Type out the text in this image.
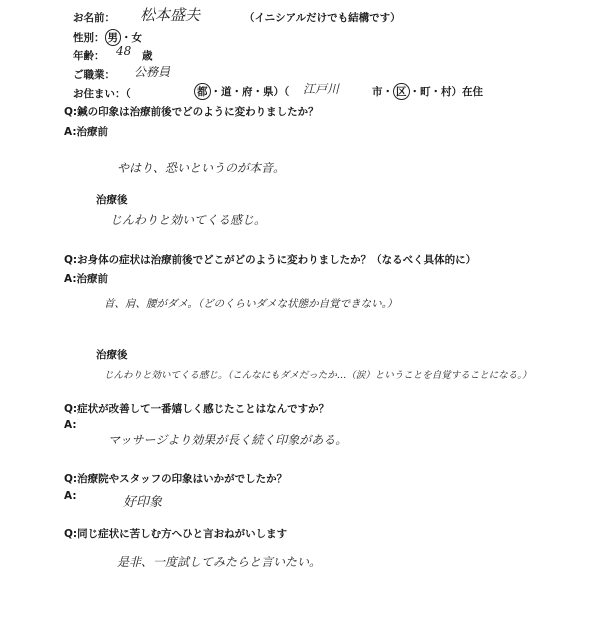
お名前： 松本盛夫	（イニシアルだけでも結構です）
性別： 男 ・女
年齢： 48 歳
ご職業： 公務員
お住まい：（	都 ・道・府・県）（ 江戸川	市・ 区 ・町・村）在住
Q:鍼の印象は治療前後でどのように変わりましたか？
A:治療前
やはり、恐いというのが本音。
治療後
じんわりと効いてくる感じ。
Q:お身体の症状は治療前後でどこがどのように変わりましたか？（なるべく具体的に）
A:治療前
首、肩、腰がダメ。（どのくらいダメな状態か自覚できない。）
治療後
じんわりと効いてくる感じ。（こんなにもダメだったか…（涙）ということを自覚することになる。）
Q:症状が改善して一番嬉しく感じたことはなんですか？
A:
マッサージより効果が長く続く印象がある。
Q:治療院やスタッフの印象はいかがでしたか？
A:	好印象
Q:同じ症状に苦しむ方へひと言おねがいします
是非、一度試してみたらと言いたい。
